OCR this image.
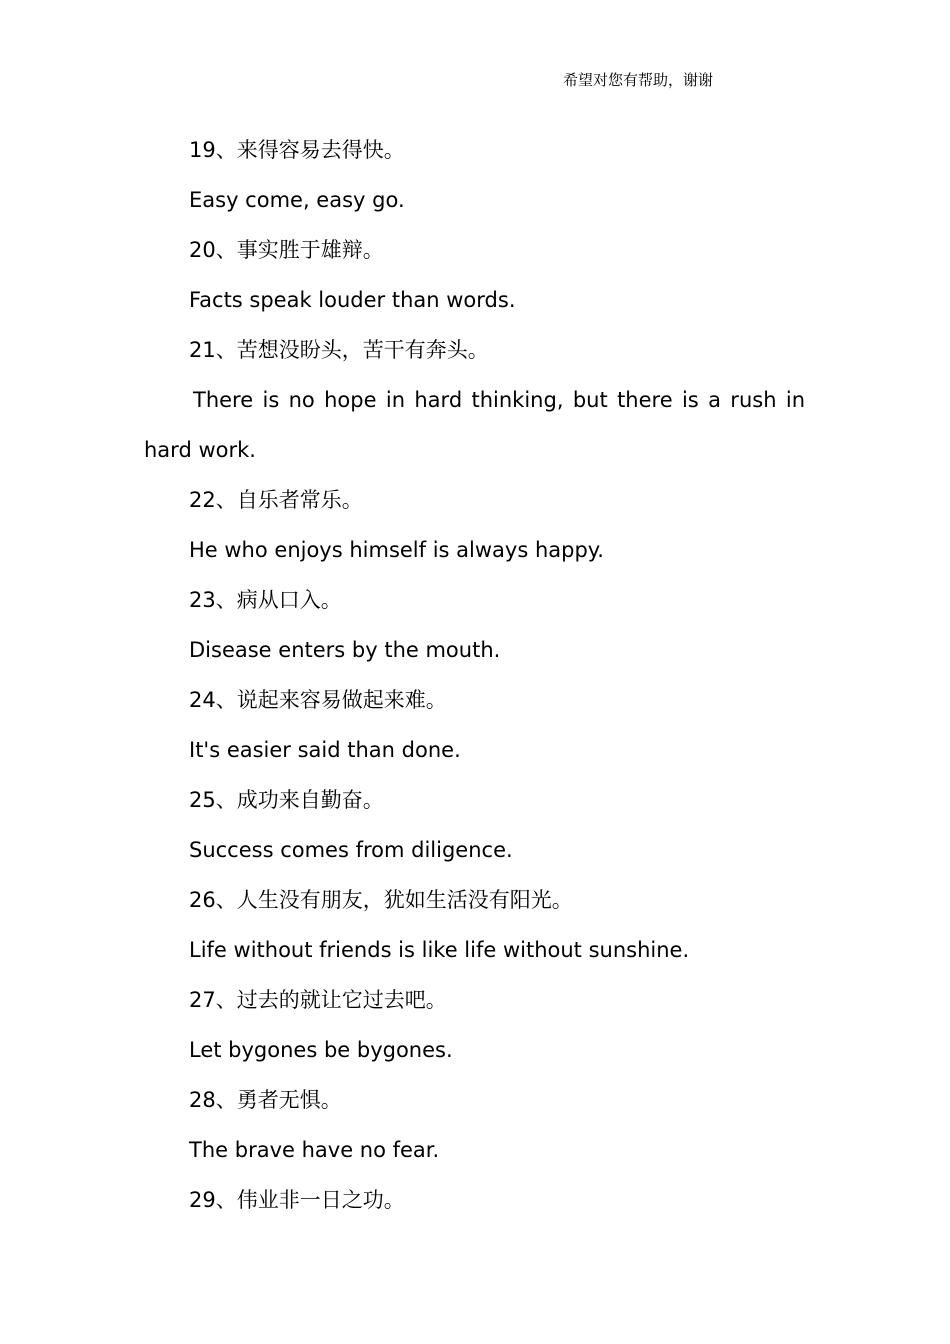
希望对您有帮助，谢谢
19、来得容易去得快。
Easy come, easy go.
20、事实胜于雄辩。
Facts speak louder than words.
21、苦想没盼头，苦干有奔头。
There is no hope in hard thinking, but there is a rush in hard work.
22、自乐者常乐。
He who enjoys himself is always happy.
23、病从口入。
Disease enters by the mouth.
24、说起来容易做起来难。
It's easier said than done.
25、成功来自勤奋。
Success comes from diligence.
26、人生没有朋友，犹如生活没有阳光。
Life without friends is like life without sunshine.
27、过去的就让它过去吧。
Let bygones be bygones.
28、勇者无惧。
The brave have no fear.
29、伟业非一日之功。
